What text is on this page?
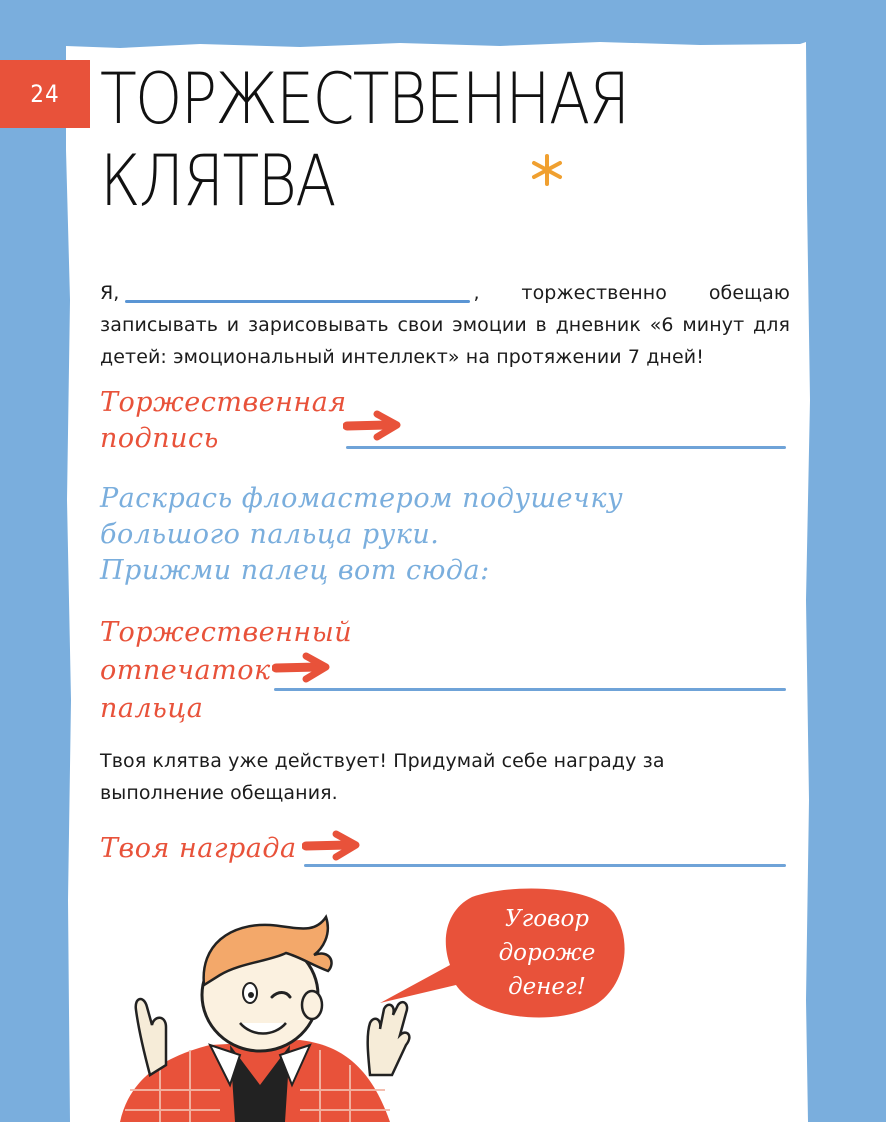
24 ТОРЖЕСТВЕННАЯ
КЛЯТВА
Я,	, торжественно обещаю записывать и зарисовывать свои эмоции в дневник «6 минут для детей: эмоциональный интеллект» на протяжении 7 дней!
Торжественная
подпись
Раскрась фломастером подушечку
большого пальца руки.
Прижми палец вот сюда:
Торжественный
отпечаток
пальца
Твоя клятва уже действует! Придумай себе награду за выполнение обещания.
Твоя награда
Уговор
дороже
денег!
